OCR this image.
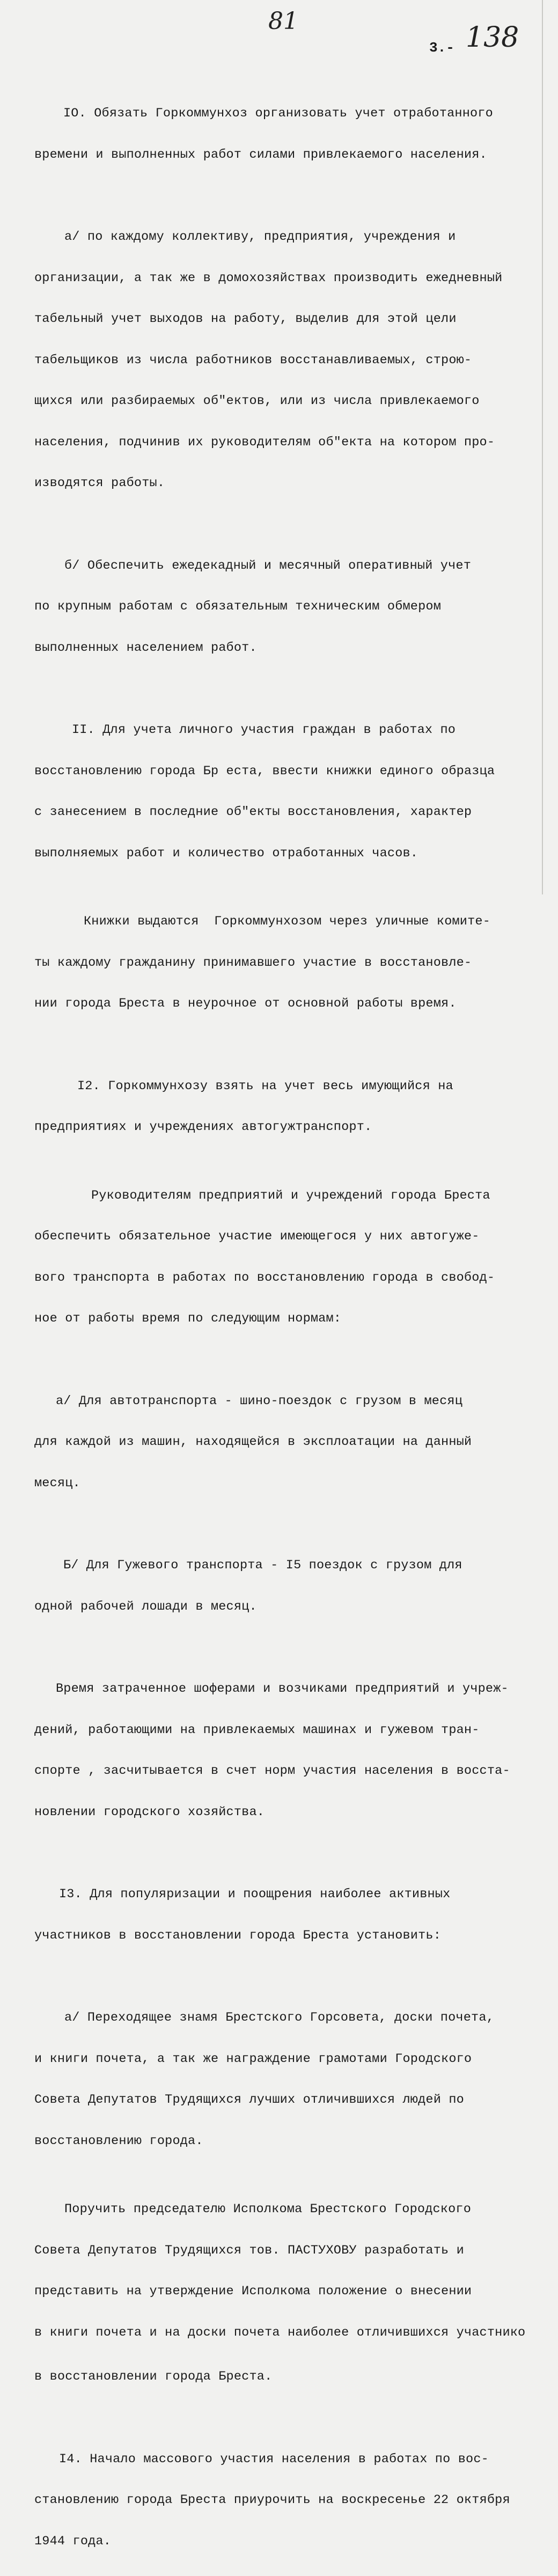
81
138
3.-

IO. Обязать Горкоммунхоз организовать учет отработанного

времени и выполненных работ силами привлекаемого населения.

а/ по каждому коллективу, предприятия, учреждения и

организации, а так же в домохозяйствах производить ежедневный

табельный учет выходов на работу, выделив для этой цели

табельщиков из числа работников восстанавливаемых, строю-

щихся или разбираемых об"ектов, или из числа привлекаемого

населения, подчинив их руководителям об"екта на котором про-

изводятся работы.

б/ Обеспечить ежедекадный и месячный оперативный учет

по крупным работам с обязательным техническим обмером

выполненных населением работ.

II. Для учета личного участия граждан в работах по

восстановлению города Бр еста, ввести книжки единого образца

с занесением в последние об"екты восстановления, характер

выполняемых работ и количество отработанных часов.

Книжки выдаются  Горкоммунхозом через уличные комите-

ты каждому гражданину принимавшего участие в восстановле-

нии города Бреста в неурочное от основной работы время.

I2. Горкоммунхозу взять на учет весь имующийся на

предприятиях и учреждениях автогужтранспорт.

Руководителям предприятий и учреждений города Бреста

обеспечить обязательное участие имеющегося у них автогуже-

вого транспорта в работах по восстановлению города в свобод-

ное от работы время по следующим нормам:

а/ Для автотранспорта - шино-поездок с грузом в месяц

для каждой из машин, находящейся в эксплоатации на данный

месяц.

Б/ Для Гужевого транспорта - I5 поездок с грузом для

одной рабочей лошади в месяц.

Время затраченное шоферами и возчиками предприятий и учреж-

дений, работающими на привлекаемых машинах и гужевом тран-

спорте , засчитывается в счет норм участия населения в восста-

новлении городского хозяйства.

I3. Для популяризации и поощрения наиболее активных

участников в восстановлении города Бреста установить:

а/ Переходящее знамя Брестского Горсовета, доски почета,

и книги почета, а так же награждение грамотами Городского

Совета Депутатов Трудящихся лучших отличившихся людей по

восстановлению города.

Поручить председателю Исполкома Брестского Городского

Совета Депутатов Трудящихся тов. ПАСТУХОВУ разработать и

представить на утверждение Исполкома положение о внесении

в книги почета и на доски почета наиболее отличившихся участнико

в восстановлении города Бреста.

I4. Начало массового участия населения в работах по вос-

становлению города Бреста приурочить на воскресенье 22 октября

1944 года.
